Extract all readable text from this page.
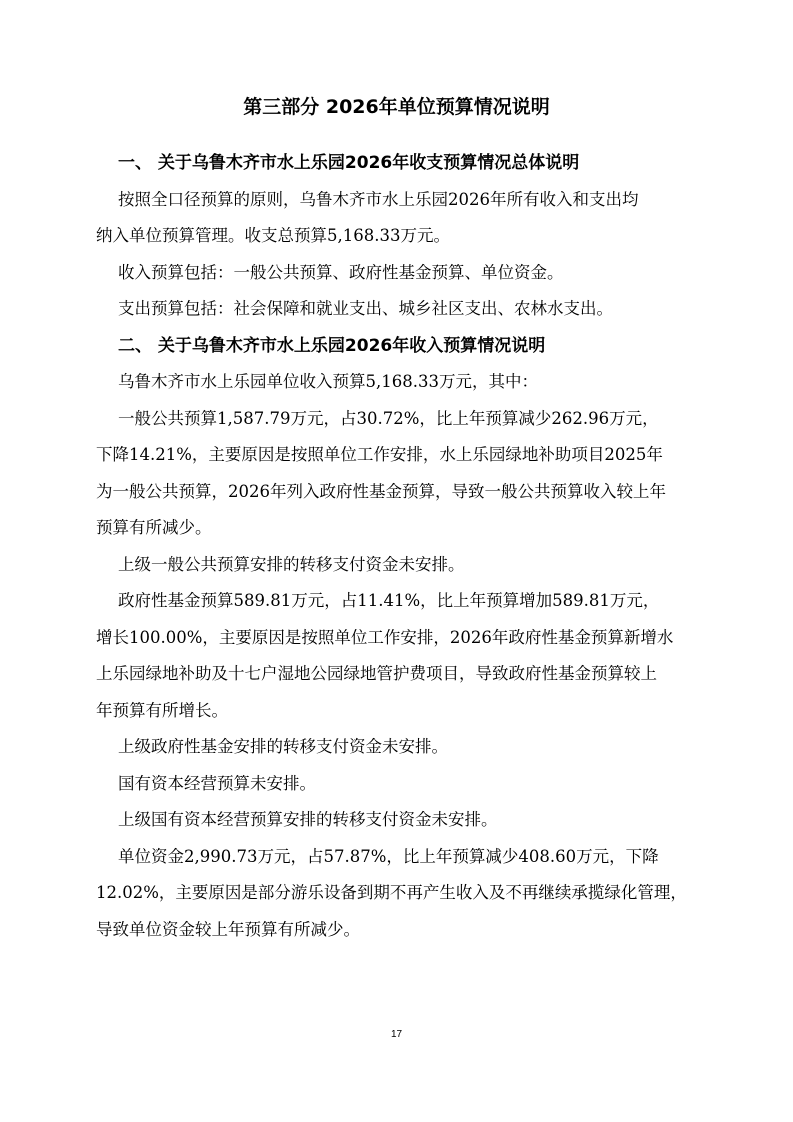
第三部分 2026年单位预算情况说明

一、 关于乌鲁木齐市水上乐园2026年收支预算情况总体说明

按照全口径预算的原则，乌鲁木齐市水上乐园2026年所有收入和支出均
纳入单位预算管理。收支总预算5,168.33万元。

收入预算包括：一般公共预算、政府性基金预算、单位资金。

支出预算包括：社会保障和就业支出、城乡社区支出、农林水支出。

二、 关于乌鲁木齐市水上乐园2026年收入预算情况说明

乌鲁木齐市水上乐园单位收入预算5,168.33万元，其中：

一般公共预算1,587.79万元，占30.72%，比上年预算减少262.96万元，
下降14.21%，主要原因是按照单位工作安排，水上乐园绿地补助项目2025年
为一般公共预算，2026年列入政府性基金预算，导致一般公共预算收入较上年
预算有所减少。

上级一般公共预算安排的转移支付资金未安排。

政府性基金预算589.81万元，占11.41%，比上年预算增加589.81万元，
增长100.00%，主要原因是按照单位工作安排，2026年政府性基金预算新增水
上乐园绿地补助及十七户湿地公园绿地管护费项目，导致政府性基金预算较上
年预算有所增长。

上级政府性基金安排的转移支付资金未安排。

国有资本经营预算未安排。

上级国有资本经营预算安排的转移支付资金未安排。

单位资金2,990.73万元，占57.87%，比上年预算减少408.60万元，下降
12.02%，主要原因是部分游乐设备到期不再产生收入及不再继续承揽绿化管理，
导致单位资金较上年预算有所减少。

17
